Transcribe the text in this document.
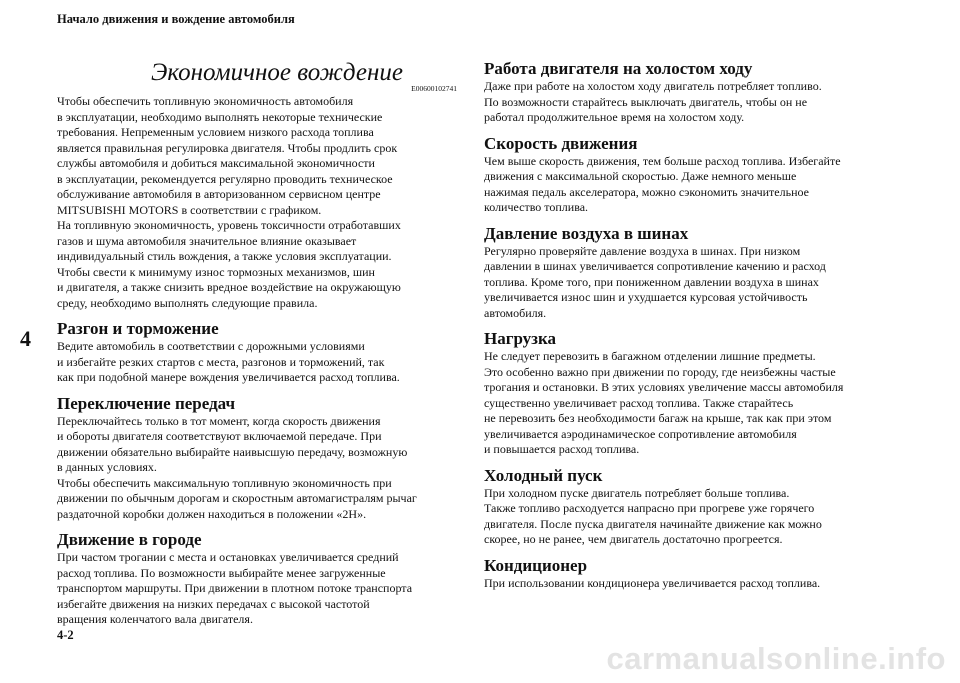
Начало движения и вождение автомобиля
4
Экономичное вождение
E00600102741

Чтобы обеспечить топливную экономичность автомобиля
в эксплуатации, необходимо выполнять некоторые технические
требования. Непременным условием низкого расхода топлива
является правильная регулировка двигателя. Чтобы продлить срок
службы автомобиля и добиться максимальной экономичности
в эксплуатации, рекомендуется регулярно проводить техническое
обслуживание автомобиля в авторизованном сервисном центре
MITSUBISHI MOTORS в соответствии с графиком.
На топливную экономичность, уровень токсичности отработавших
газов и шума автомобиля значительное влияние оказывает
индивидуальный стиль вождения, а также условия эксплуатации.
Чтобы свести к минимуму износ тормозных механизмов, шин
и двигателя, а также снизить вредное воздействие на окружающую
среду, необходимо выполнять следующие правила.

Разгон и торможение

Ведите автомобиль в соответствии с дорожными условиями
и избегайте резких стартов с места, разгонов и торможений, так
как при подобной манере вождения увеличивается расход топлива.

Переключение передач

Переключайтесь только в тот момент, когда скорость движения
и обороты двигателя соответствуют включаемой передаче. При
движении обязательно выбирайте наивысшую передачу, возможную
в данных условиях.
Чтобы обеспечить максимальную топливную экономичность при
движении по обычным дорогам и скоростным автомагистралям рычаг
раздаточной коробки должен находиться в положении «2H».

Движение в городе

При частом трогании с места и остановках увеличивается средний
расход топлива. По возможности выбирайте менее загруженные
транспортом маршруты. При движении в плотном потоке транспорта
избегайте движения на низких передачах с высокой частотой
вращения коленчатого вала двигателя.

Работа двигателя на холостом ходу

Даже при работе на холостом ходу двигатель потребляет топливо.
По возможности старайтесь выключать двигатель, чтобы он не
работал продолжительное время на холостом ходу.

Скорость движения

Чем выше скорость движения, тем больше расход топлива. Избегайте
движения с максимальной скоростью. Даже немного меньше
нажимая педаль акселератора, можно сэкономить значительное
количество топлива.

Давление воздуха в шинах

Регулярно проверяйте давление воздуха в шинах. При низком
давлении в шинах увеличивается сопротивление качению и расход
топлива. Кроме того, при пониженном давлении воздуха в шинах
увеличивается износ шин и ухудшается курсовая устойчивость
автомобиля.

Нагрузка

Не следует перевозить в багажном отделении лишние предметы.
Это особенно важно при движении по городу, где неизбежны частые
трогания и остановки. В этих условиях увеличение массы автомобиля
существенно увеличивает расход топлива. Также старайтесь
не перевозить без необходимости багаж на крыше, так как при этом
увеличивается аэродинамическое сопротивление автомобиля
и повышается расход топлива.

Холодный пуск

При холодном пуске двигатель потребляет больше топлива.
Также топливо расходуется напрасно при прогреве уже горячего
двигателя. После пуска двигателя начинайте движение как можно
скорее, но не ранее, чем двигатель достаточно прогреется.

Кондиционер

При использовании кондиционера увеличивается расход топлива.

4-2
carmanualsonline.info
